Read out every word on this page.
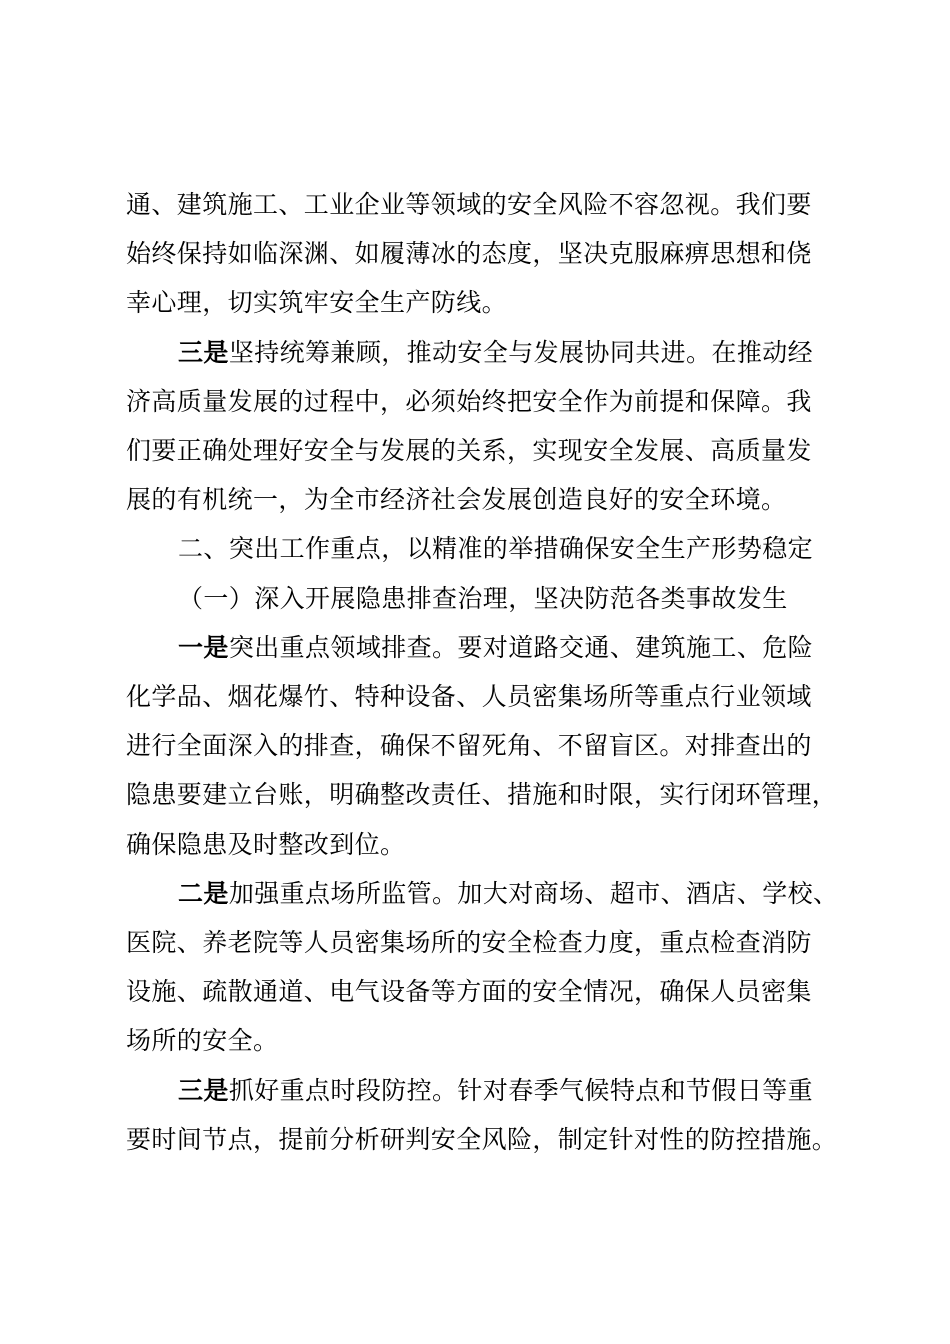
通、建筑施工、工业企业等领域的安全风险不容忽视。我们要
始终保持如临深渊、如履薄冰的态度，坚决克服麻痹思想和侥
幸心理，切实筑牢安全生产防线。

三是坚持统筹兼顾，推动安全与发展协同共进。在推动经
济高质量发展的过程中，必须始终把安全作为前提和保障。我
们要正确处理好安全与发展的关系，实现安全发展、高质量发
展的有机统一，为全市经济社会发展创造良好的安全环境。

二、突出工作重点，以精准的举措确保安全生产形势稳定

（一）深入开展隐患排查治理，坚决防范各类事故发生

一是突出重点领域排查。要对道路交通、建筑施工、危险
化学品、烟花爆竹、特种设备、人员密集场所等重点行业领域
进行全面深入的排查，确保不留死角、不留盲区。对排查出的
隐患要建立台账，明确整改责任、措施和时限，实行闭环管理，
确保隐患及时整改到位。

二是加强重点场所监管。加大对商场、超市、酒店、学校、
医院、养老院等人员密集场所的安全检查力度，重点检查消防
设施、疏散通道、电气设备等方面的安全情况，确保人员密集
场所的安全。

三是抓好重点时段防控。针对春季气候特点和节假日等重
要时间节点，提前分析研判安全风险，制定针对性的防控措施。
